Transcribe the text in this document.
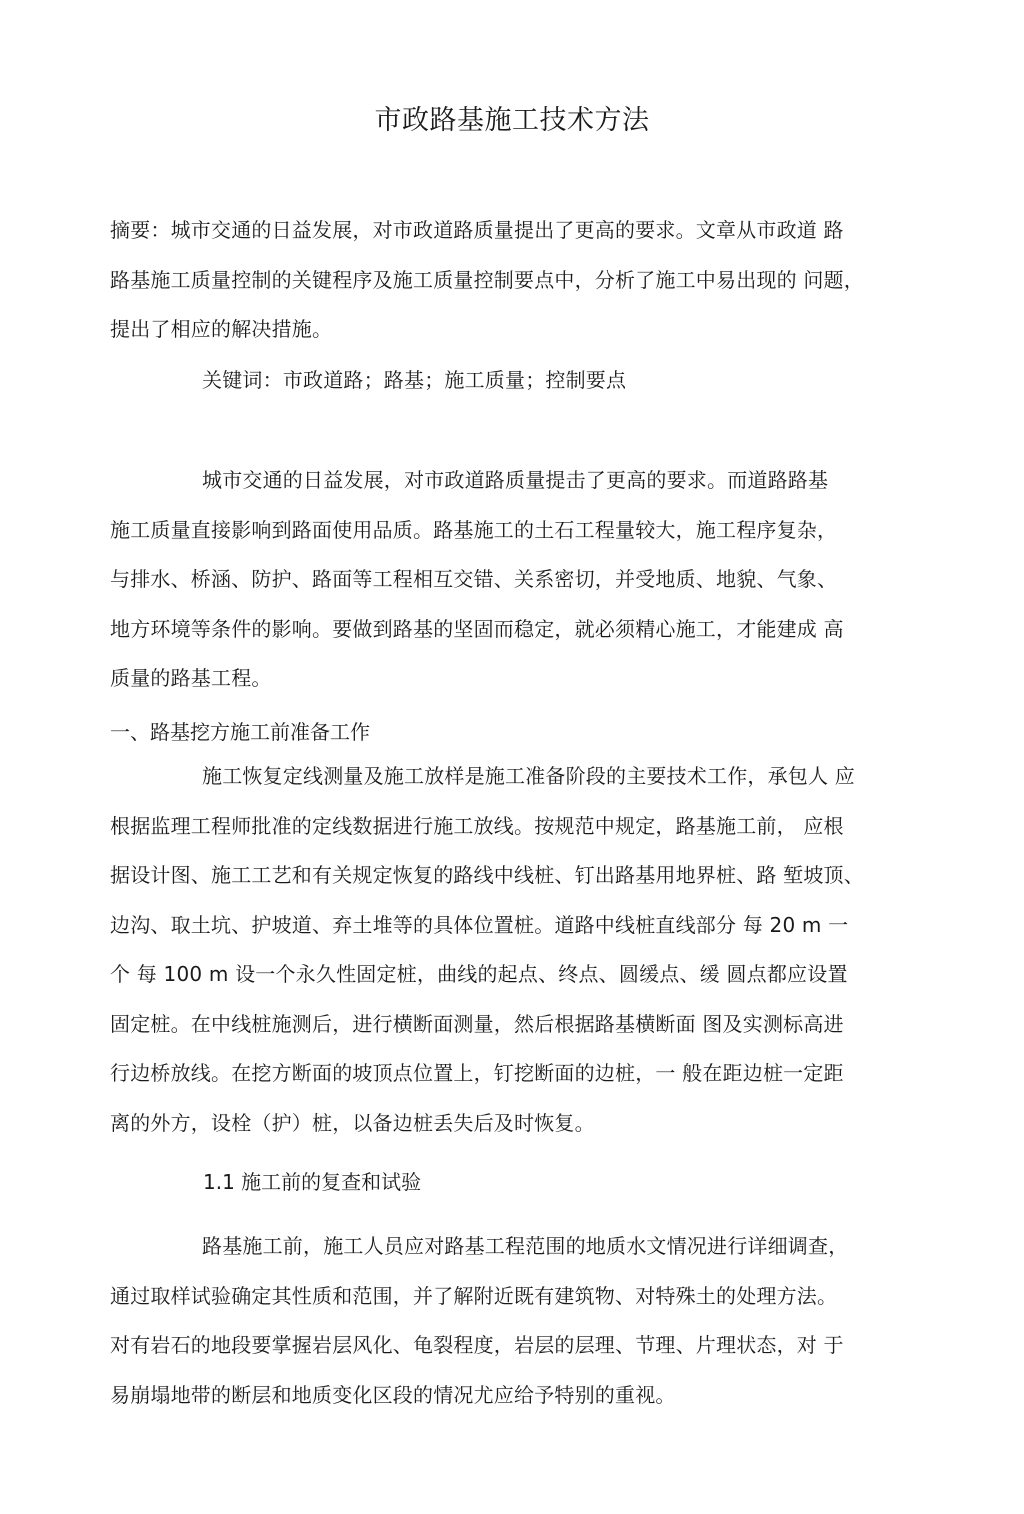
市政路基施工技术方法
摘要：城市交通的日益发展，对市政道路质量提出了更高的要求。文章从市政道 路
路基施工质量控制的关键程序及施工质量控制要点中，分析了施工中易出现的 问题，
提出了相应的解决措施。
关键词：市政道路；路基；施工质量；控制要点
城市交通的日益发展，对市政道路质量提击了更高的要求。而道路路基
施工质量直接影响到路面使用品质。路基施工的土石工程量较大，施工程序复杂，
与排水、桥涵、防护、路面等工程相互交错、关系密切，并受地质、地貌、气象、
地方环境等条件的影响。要做到路基的坚固而稳定，就必须精心施工，才能建成 高
质量的路基工程。
一、路基挖方施工前准备工作
施工恢复定线测量及施工放样是施工准备阶段的主要技术工作，承包人 应
根据监理工程师批准的定线数据进行施工放线。按规范中规定，路基施工前， 应根
据设计图、施工工艺和有关规定恢复的路线中线桩、钉出路基用地界桩、路 堑坡顶、
边沟、取土坑、护坡道、弃土堆等的具体位置桩。道路中线桩直线部分 每 20 m 一
个 每 100 m 设一个永久性固定桩，曲线的起点、终点、圆缓点、缓 圆点都应设置
固定桩。在中线桩施测后，进行横断面测量，然后根据路基横断面 图及实测标高进
行边桥放线。在挖方断面的坡顶点位置上，钉挖断面的边桩，一 般在距边桩一定距
离的外方，设栓（护）桩，以备边桩丢失后及时恢复。
1.1 施工前的复查和试验
路基施工前，施工人员应对路基工程范围的地质水文情况进行详细调查，
通过取样试验确定其性质和范围，并了解附近既有建筑物、对特殊土的处理方法。
对有岩石的地段要掌握岩层风化、龟裂程度，岩层的层理、节理、片理状态，对 于
易崩塌地带的断层和地质变化区段的情况尤应给予特别的重视。
